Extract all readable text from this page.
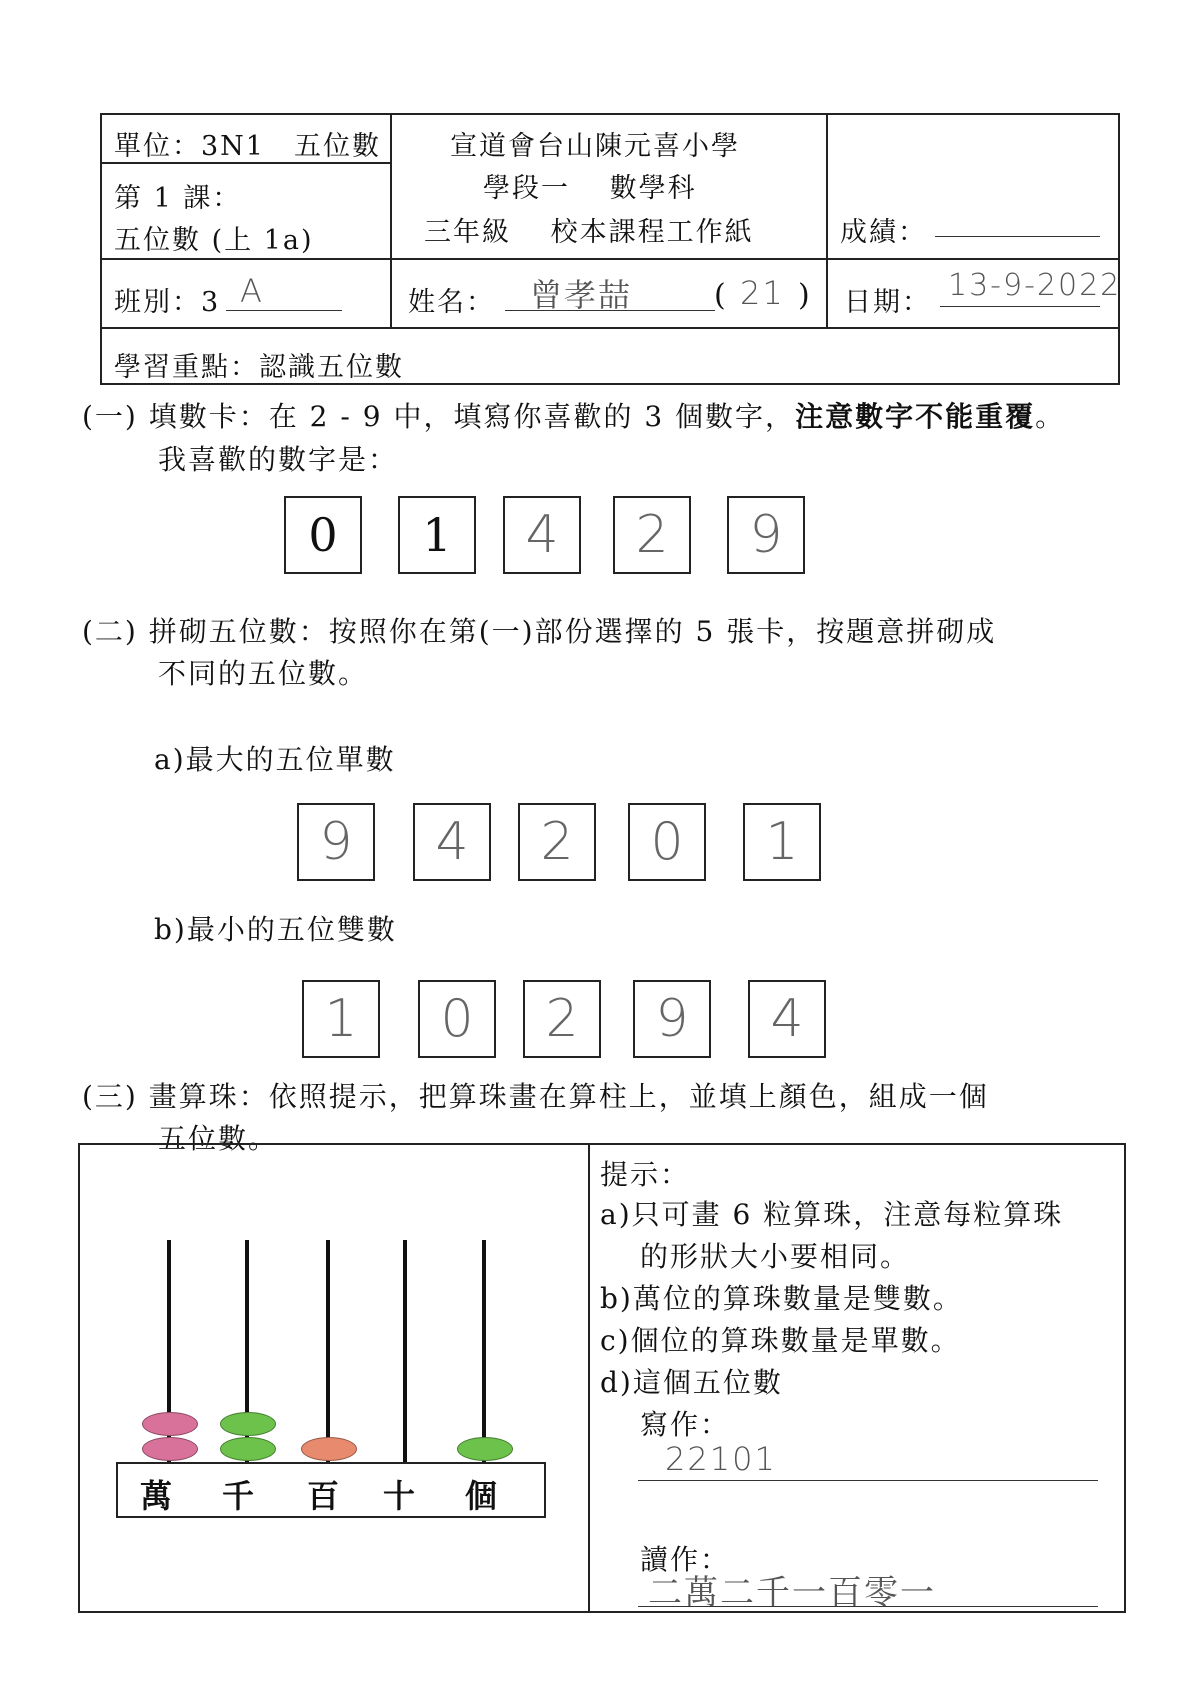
單位：3N1　五位數
第 1 課：
五位數 (上 1a)
宣道會台山陳元喜小學
學段一　 數學科
三年級　 校本課程工作紙	成績：
班別：3 A	姓名： 曾孝喆	( 21 ) 日期： 13-9-2022
學習重點：認識五位數
(一) 填數卡：在 2 - 9 中，填寫你喜歡的 3 個數字，注意數字不能重覆。
我喜歡的數字是：
0	1	4	2	9
(二) 拼砌五位數：按照你在第(一)部份選擇的 5 張卡，按題意拼砌成
不同的五位數。
a)最大的五位單數
9	4	2	0	1
b)最小的五位雙數
1	0	2	9	4
(三) 畫算珠：依照提示，把算珠畫在算柱上，並填上顏色，組成一個
五位數。
萬 千 百 十 個
提示：
a)只可畫 6 粒算珠，注意每粒算珠
的形狀大小要相同。
b)萬位的算珠數量是雙數。
c)個位的算珠數量是單數。
d)這個五位數
寫作：
22101
讀作：
二萬二千一百零一
